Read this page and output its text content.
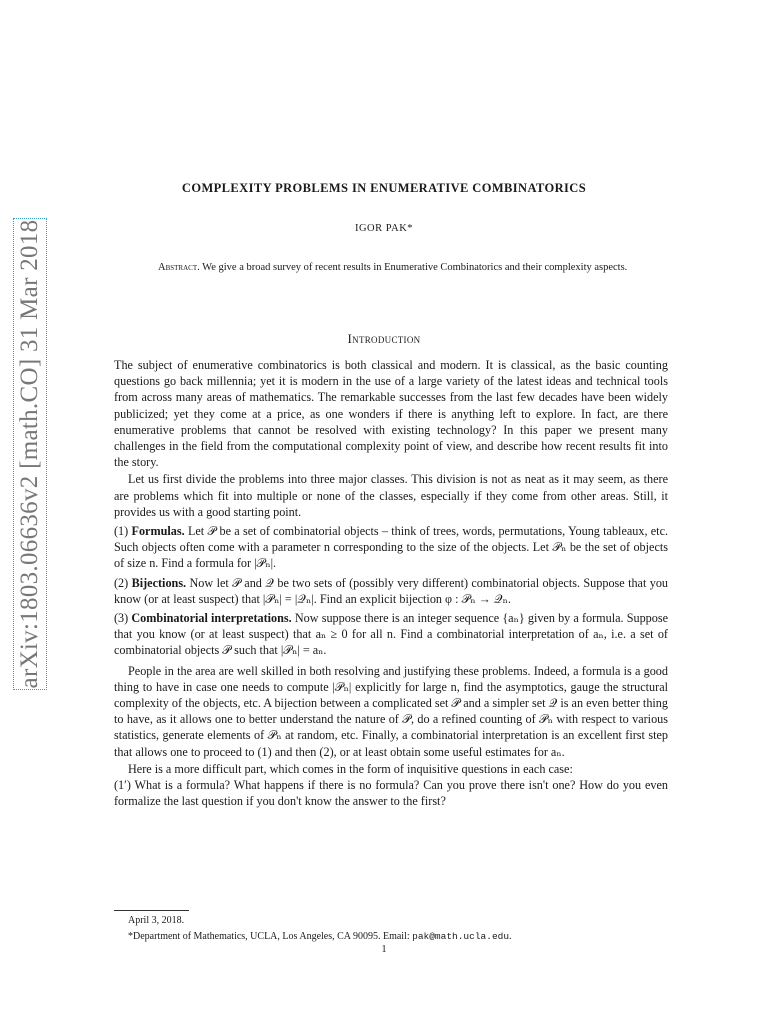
arXiv:1803.06636v2 [math.CO] 31 Mar 2018
COMPLEXITY PROBLEMS IN ENUMERATIVE COMBINATORICS
IGOR PAK*
Abstract. We give a broad survey of recent results in Enumerative Combinatorics and their complexity aspects.
Introduction

The subject of enumerative combinatorics is both classical and modern. It is classical, as the basic counting questions go back millennia; yet it is modern in the use of a large variety of the latest ideas and technical tools from across many areas of mathematics. The remarkable successes from the last few decades have been widely publicized; yet they come at a price, as one wonders if there is anything left to explore. In fact, are there enumerative problems that cannot be resolved with existing technology? In this paper we present many challenges in the field from the computational complexity point of view, and describe how recent results fit into the story.

Let us first divide the problems into three major classes. This division is not as neat as it may seem, as there are problems which fit into multiple or none of the classes, especially if they come from other areas. Still, it provides us with a good starting point.

(1) Formulas. Let 𝒫 be a set of combinatorial objects – think of trees, words, permutations, Young tableaux, etc. Such objects often come with a parameter n corresponding to the size of the objects. Let 𝒫ₙ be the set of objects of size n. Find a formula for |𝒫ₙ|.

(2) Bijections. Now let 𝒫 and 𝒬 be two sets of (possibly very different) combinatorial objects. Suppose that you know (or at least suspect) that |𝒫ₙ| = |𝒬ₙ|. Find an explicit bijection φ : 𝒫ₙ → 𝒬ₙ.

(3) Combinatorial interpretations. Now suppose there is an integer sequence {aₙ} given by a formula. Suppose that you know (or at least suspect) that aₙ ≥ 0 for all n. Find a combinatorial interpretation of aₙ, i.e. a set of combinatorial objects 𝒫 such that |𝒫ₙ| = aₙ.

People in the area are well skilled in both resolving and justifying these problems. Indeed, a formula is a good thing to have in case one needs to compute |𝒫ₙ| explicitly for large n, find the asymptotics, gauge the structural complexity of the objects, etc. A bijection between a complicated set 𝒫 and a simpler set 𝒬 is an even better thing to have, as it allows one to better understand the nature of 𝒫, do a refined counting of 𝒫ₙ with respect to various statistics, generate elements of 𝒫ₙ at random, etc. Finally, a combinatorial interpretation is an excellent first step that allows one to proceed to (1) and then (2), or at least obtain some useful estimates for aₙ.

Here is a more difficult part, which comes in the form of inquisitive questions in each case:

(1′) What is a formula? What happens if there is no formula? Can you prove there isn't one? How do you even formalize the last question if you don't know the answer to the first?

April 3, 2018.
*Department of Mathematics, UCLA, Los Angeles, CA 90095. Email: pak@math.ucla.edu.
1
